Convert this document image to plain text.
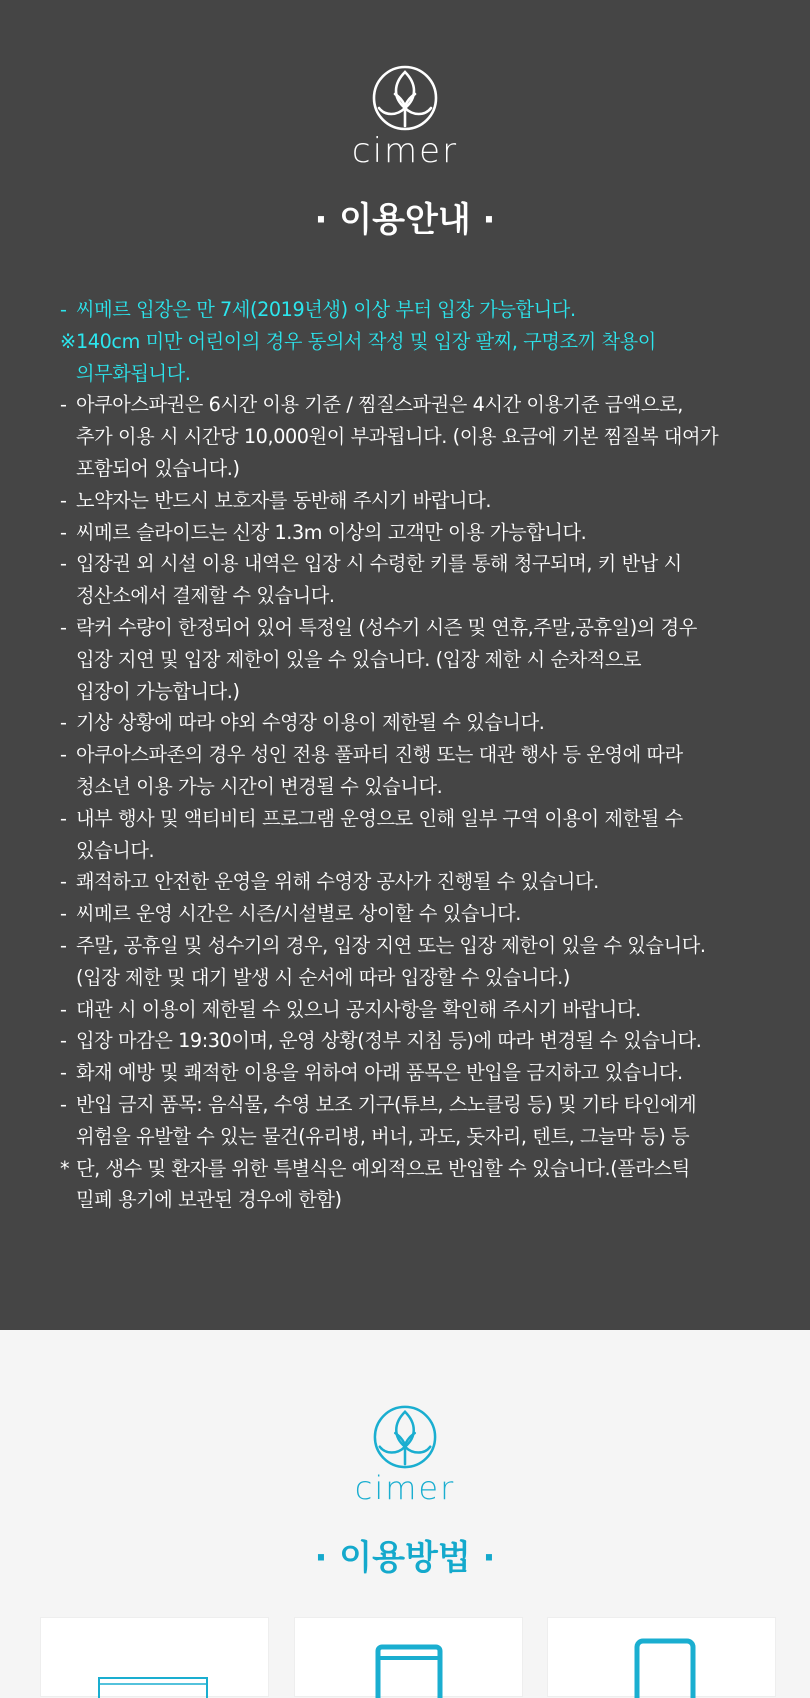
cimer
· 이용안내 ·
- 씨메르 입장은 만 7세(2019년생) 이상 부터 입장 가능합니다.
※ 140cm 미만 어린이의 경우 동의서 작성 및 입장 팔찌, 구명조끼 착용이
의무화됩니다.
- 아쿠아스파권은 6시간 이용 기준 / 찜질스파권은 4시간 이용기준 금액으로,
추가 이용 시 시간당 10,000원이 부과됩니다. (이용 요금에 기본 찜질복 대여가
포함되어 있습니다.)
- 노약자는 반드시 보호자를 동반해 주시기 바랍니다.
- 씨메르 슬라이드는 신장 1.3m 이상의 고객만 이용 가능합니다.
- 입장권 외 시설 이용 내역은 입장 시 수령한 키를 통해 청구되며, 키 반납 시
정산소에서 결제할 수 있습니다.
- 락커 수량이 한정되어 있어 특정일 (성수기 시즌 및 연휴,주말,공휴일)의 경우
입장 지연 및 입장 제한이 있을 수 있습니다. (입장 제한 시 순차적으로
입장이 가능합니다.)
- 기상 상황에 따라 야외 수영장 이용이 제한될 수 있습니다.
- 아쿠아스파존의 경우 성인 전용 풀파티 진행 또는 대관 행사 등 운영에 따라
청소년 이용 가능 시간이 변경될 수 있습니다.
- 내부 행사 및 액티비티 프로그램 운영으로 인해 일부 구역 이용이 제한될 수
있습니다.
- 쾌적하고 안전한 운영을 위해 수영장 공사가 진행될 수 있습니다.
- 씨메르 운영 시간은 시즌/시설별로 상이할 수 있습니다.
- 주말, 공휴일 및 성수기의 경우, 입장 지연 또는 입장 제한이 있을 수 있습니다.
(입장 제한 및 대기 발생 시 순서에 따라 입장할 수 있습니다.)
- 대관 시 이용이 제한될 수 있으니 공지사항을 확인해 주시기 바랍니다.
- 입장 마감은 19:30이며, 운영 상황(정부 지침 등)에 따라 변경될 수 있습니다.
- 화재 예방 및 쾌적한 이용을 위하여 아래 품목은 반입을 금지하고 있습니다.
- 반입 금지 품목: 음식물, 수영 보조 기구(튜브, 스노클링 등) 및 기타 타인에게
위험을 유발할 수 있는 물건(유리병, 버너, 과도, 돗자리, 텐트, 그늘막 등) 등
* 단, 생수 및 환자를 위한 특별식은 예외적으로 반입할 수 있습니다.(플라스틱
밀폐 용기에 보관된 경우에 한함)
cimer
· 이용방법 ·
